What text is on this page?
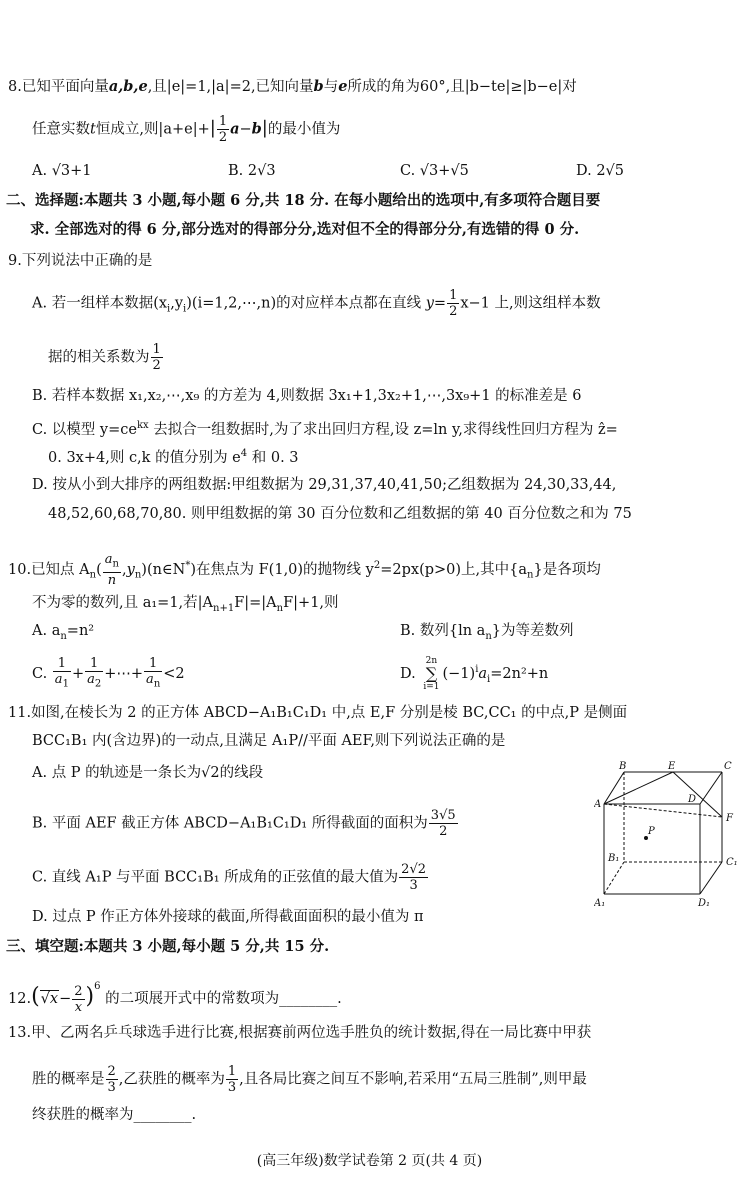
8.已知平面向量a,b,e,且|e|=1,|a|=2,已知向量b与e所成的角为60°,且|b−te|≥|b−e|对
任意实数t恒成立,则$|a+e|+| \frac{1}{2} a-b|$的最小值为
A. √3+1	B. 2√3	C. √3+√5	D. 2√5
二、选择题:本题共 3 小题,每小题 6 分,共 18 分. 在每小题给出的选项中,有多项符合题目要
求. 全部选对的得 6 分,部分选对的得部分分,选对但不全的得部分分,有选错的得 0 分.
9.下列说法中正确的是
A. 若一组样本数据$(x_i,y_i)(i=1,2,\cdots,n)$的对应样本点都在直线 $y= \frac{1}{2} x-1$ 上,则这组样本数
据的相关系数为 $\frac{1}{2}$
B. 若样本数据 x₁,x₂,⋯,x₉ 的方差为 4,则数据 3x₁+1,3x₂+1,⋯,3x₉+1 的标准差是 6
C. 以模型 $y=ce^{kx}$ 去拟合一组数据时,为了求出回归方程,设 z=ln y,求得线性回归方程为 ẑ=
0. 3x+4,则 c,k 的值分别为 $e^4$ 和 0. 3
D. 按从小到大排序的两组数据:甲组数据为 29,31,37,40,41,50;乙组数据为 24,30,33,44,
48,52,60,68,70,80. 则甲组数据的第 30 百分位数和乙组数据的第 40 百分位数之和为 75
10.已知点 $A_n( \frac{a_n}{n}$ $,y_n)(n\in N^*)$在焦点为 F(1,0)的抛物线 $y^2=2px(p>0)$上,其中$\{a_n\}$是各项均
不为零的数列,且 a₁=1,若$|A_{n+1}F|=|A_nF|+1$,则
A. $a_n=n^2$	B. 数列{ln $a_n$}为等差数列
C. $\frac{1}{a_1} + \frac{1}{a_2}$ +⋯+ $\frac{1}{a_n} <2$	D.
2n
∑
i=1
$(-1)^ia_i=2n^2+n$
11.如图,在棱长为 2 的正方体 ABCD−A₁B₁C₁D₁ 中,点 E,F 分别是棱 BC,CC₁ 的中点,P 是侧面
BCC₁B₁ 内(含边界)的一动点,且满足 A₁P//平面 AEF,则下列说法正确的是
A. 点 P 的轨迹是一条长为√2的线段
B. 平面 AEF 截正方体 ABCD−A₁B₁C₁D₁ 所得截面的面积为 $\frac{3√5}{2}$
C. 直线 A₁P 与平面 BCC₁B₁ 所成角的正弦值的最大值为 $\frac{2√2}{3}$
D. 过点 P 作正方体外接球的截面,所得截面面积的最小值为 π
B	E	C
A	D
F
P
B₁	C₁
A₁	D₁
三、填空题:本题共 3 小题,每小题 5 分,共 15 分.
$12.(√x- \frac{2}{x} )^6$ 的二项展开式中的常数项为________.
13.甲、乙两名乒乓球选手进行比赛,根据赛前两位选手胜负的统计数据,得在一局比赛中甲获
胜的概率是 $\frac{2}{3}$ ,乙获胜的概率为 $\frac{1}{3}$ ,且各局比赛之间互不影响,若采用“五局三胜制”,则甲最
终获胜的概率为________.
(高三年级)数学试卷第 2 页(共 4 页)
